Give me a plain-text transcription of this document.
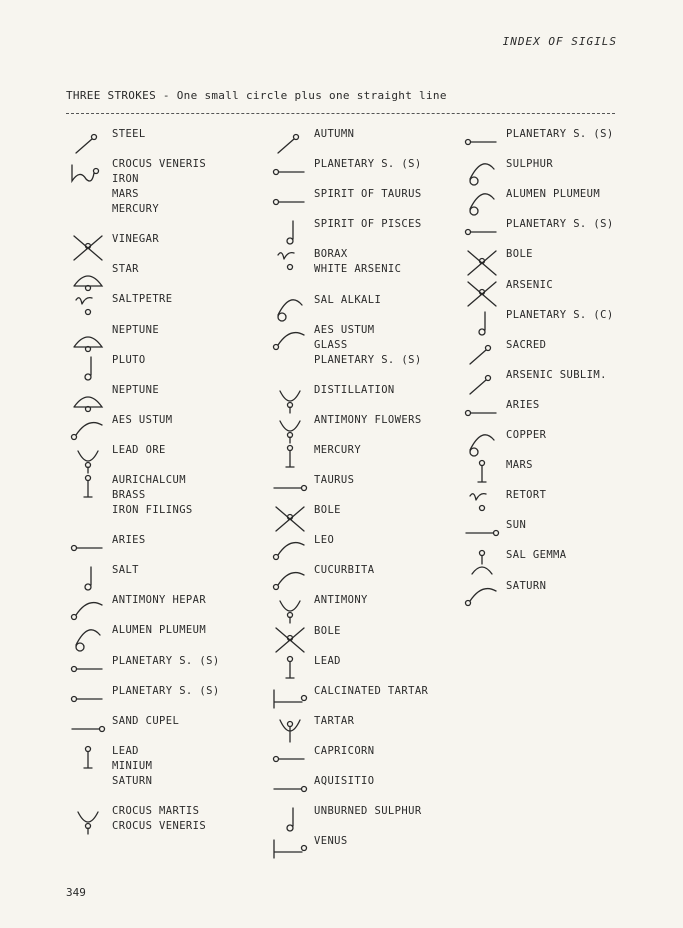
INDEX OF SIGILS
THREE STROKES - One small circle plus one straight line
STEEL
CROCUS VENERIS
IRON
MARS
MERCURY
VINEGAR
STAR
SALTPETRE
NEPTUNE
PLUTO
NEPTUNE
AES USTUM
LEAD ORE
AURICHALCUM
BRASS
IRON FILINGS
ARIES
SALT
ANTIMONY HEPAR
ALUMEN PLUMEUM
PLANETARY S. (S)
PLANETARY S. (S)
SAND CUPEL
LEAD
MINIUM
SATURN
CROCUS MARTIS
CROCUS VENERIS
AUTUMN
PLANETARY S. (S)
SPIRIT OF TAURUS
SPIRIT OF PISCES
BORAX
WHITE ARSENIC
SAL ALKALI
AES USTUM
GLASS
PLANETARY S. (S)
DISTILLATION
ANTIMONY FLOWERS
MERCURY
TAURUS
BOLE
LEO
CUCURBITA
ANTIMONY
BOLE
LEAD
CALCINATED TARTAR
TARTAR
CAPRICORN
AQUISITIO
UNBURNED SULPHUR
VENUS
PLANETARY S. (S)
SULPHUR
ALUMEN PLUMEUM
PLANETARY S. (S)
BOLE
ARSENIC
PLANETARY S. (C)
SACRED
ARSENIC SUBLIM.
ARIES
COPPER
MARS
RETORT
SUN
SAL GEMMA
SATURN
349
